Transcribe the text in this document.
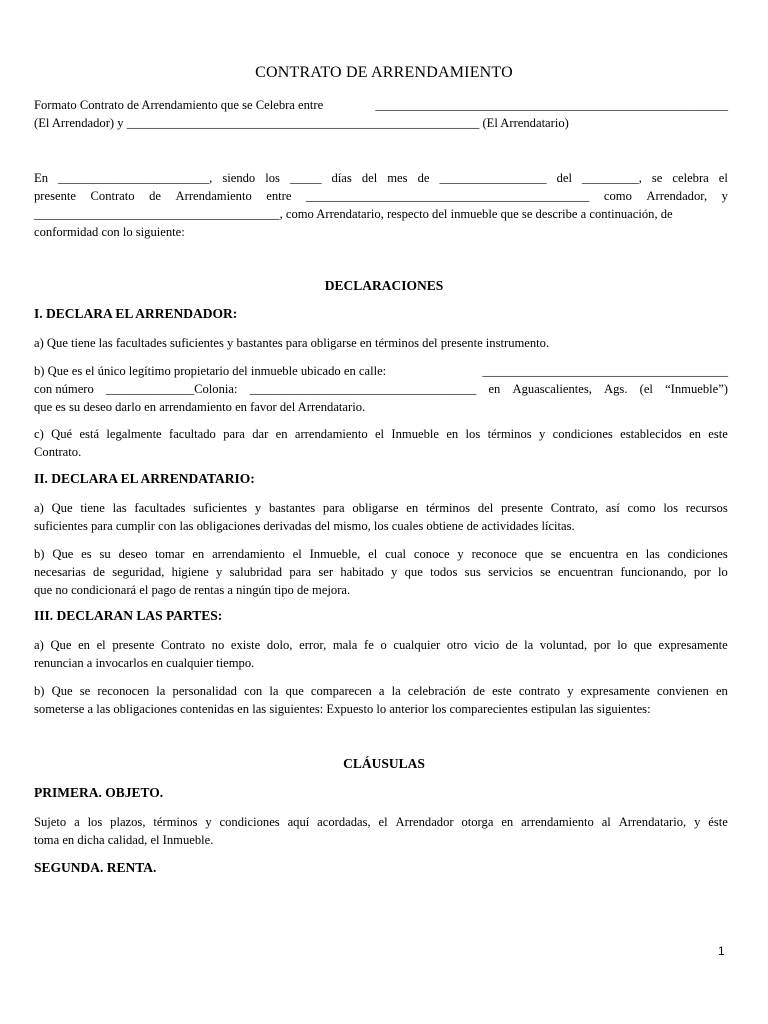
CONTRATO DE ARRENDAMIENTO
Formato Contrato de Arrendamiento que se Celebra entre	________________________________________________________
(El Arrendador) y
________________________________________________________
(El Arrendatario)
En ________________________, siendo los _____ días del mes de _________________ del _________, se celebra el
presente Contrato de Arrendamiento entre _____________________________________________ como Arrendador, y
_______________________________________, como Arrendatario, respecto del inmueble que se describe a continuación, de
conformidad con lo siguiente:
DECLARACIONES
I. DECLARA EL ARRENDADOR:
a) Que tiene las facultades suficientes y bastantes para obligarse en términos del presente instrumento.
b) Que es el único legítimo propietario del inmueble ubicado en calle:	_______________________________________
con número ______________Colonia: ____________________________________ en Aguascalientes, Ags. (el “Inmueble”)
que es su deseo darlo en arrendamiento en favor del Arrendatario.
c) Qué está legalmente facultado para dar en arrendamiento el Inmueble en los términos y condiciones establecidos en este
Contrato.
II. DECLARA EL ARRENDATARIO:
a) Que tiene las facultades suficientes y bastantes para obligarse en términos del presente Contrato, así como los recursos
suficientes para cumplir con las obligaciones derivadas del mismo, los cuales obtiene de actividades lícitas.
b) Que es su deseo tomar en arrendamiento el Inmueble, el cual conoce y reconoce que se encuentra en las condiciones
necesarias de seguridad, higiene y salubridad para ser habitado y que todos sus servicios se encuentran funcionando, por lo
que no condicionará el pago de rentas a ningún tipo de mejora.
III. DECLARAN LAS PARTES:
a) Que en el presente Contrato no existe dolo, error, mala fe o cualquier otro vicio de la voluntad, por lo que expresamente
renuncian a invocarlos en cualquier tiempo.
b) Que se reconocen la personalidad con la que comparecen a la celebración de este contrato y expresamente convienen en
someterse a las obligaciones contenidas en las siguientes: Expuesto lo anterior los comparecientes estipulan las siguientes:
CLÁUSULAS
PRIMERA. OBJETO.
Sujeto a los plazos, términos y condiciones aquí acordadas, el Arrendador otorga en arrendamiento al Arrendatario, y éste
toma en dicha calidad, el Inmueble.
SEGUNDA. RENTA.
1
